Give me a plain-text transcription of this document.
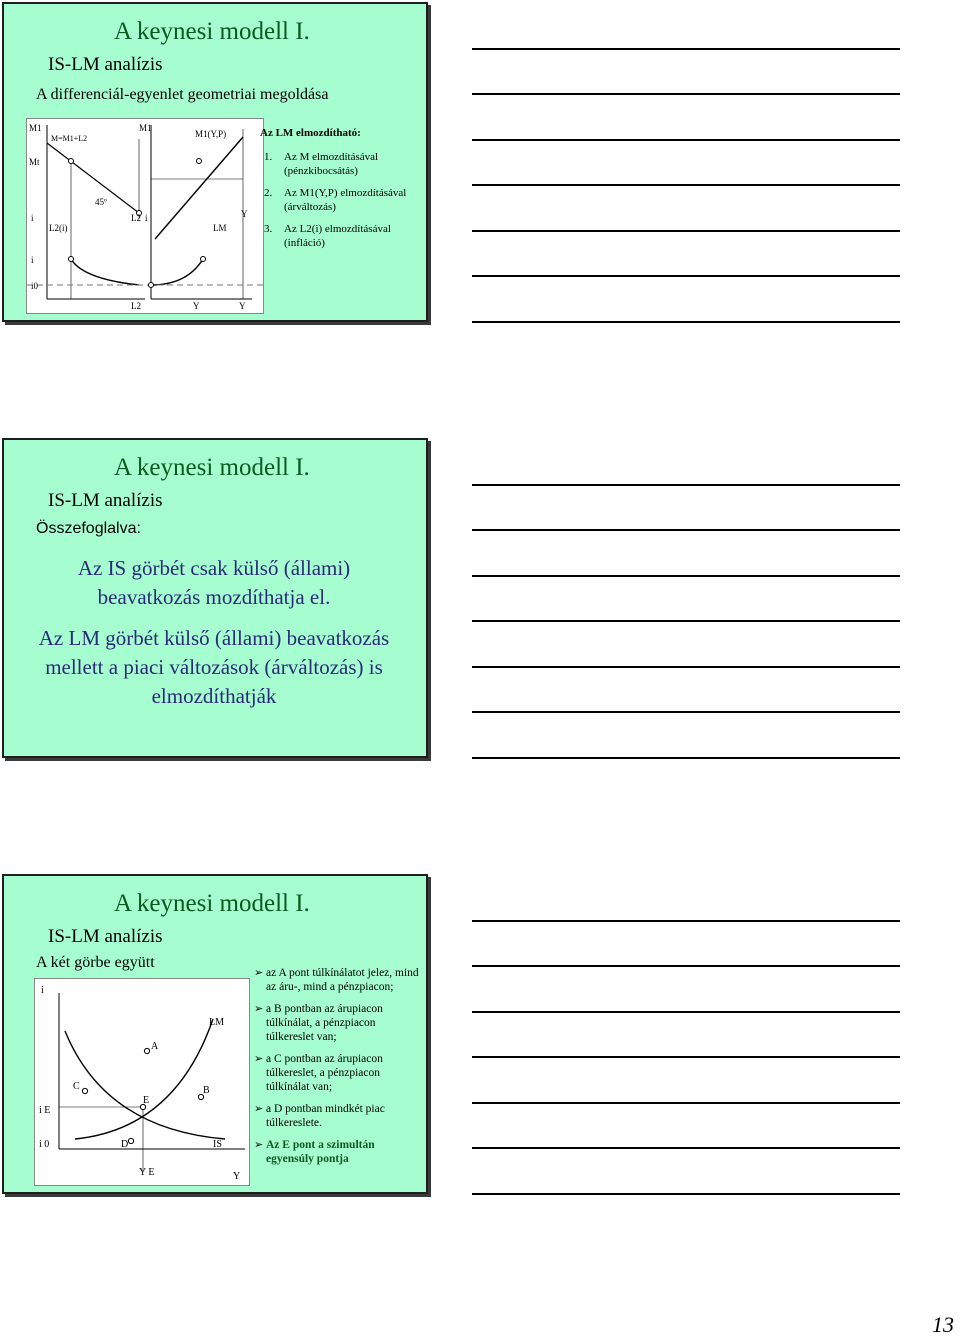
A keynesi modell I.
IS-LM analízis
A differenciál-egyenlet geometriai megoldása
M1
Mt
M=M1+L2
M1
M1(Y,P)
i
L2(i)
45º
L2 i
LM
Y
i
i0
L2	Y	Y
Az LM elmozdítható:
1. Az M elmozdításával
(pénzkibocsátás)
2. Az M1(Y,P) elmozdításával
(árváltozás)
3. Az L2(i) elmozdításával
(infláció)
A keynesi modell I.
IS-LM analízis
Összefoglalva:
Az IS görbét csak külső (állami) beavatkozás mozdíthatja el.
Az LM görbét külső (állami) beavatkozás mellett a piaci változások (árváltozás) is elmozdíthatják
A keynesi modell I.
IS-LM analízis
A két görbe együtt
i
LM
A
C	B
E
i E
i 0	D	IS
Y E	Y
➢ az A pont túlkínálatot jelez, mind az áru-, mind a pénzpiacon;
➢ a B pontban az árupiacon túlkínálat, a pénzpiacon túlkereslet van;
➢ a C pontban az árupiacon túlkereslet, a pénzpiacon túlkínálat van;
➢ a D pontban mindkét piac túlkereslete.
➢ Az E pont a szimultán egyensúly pontja
13
